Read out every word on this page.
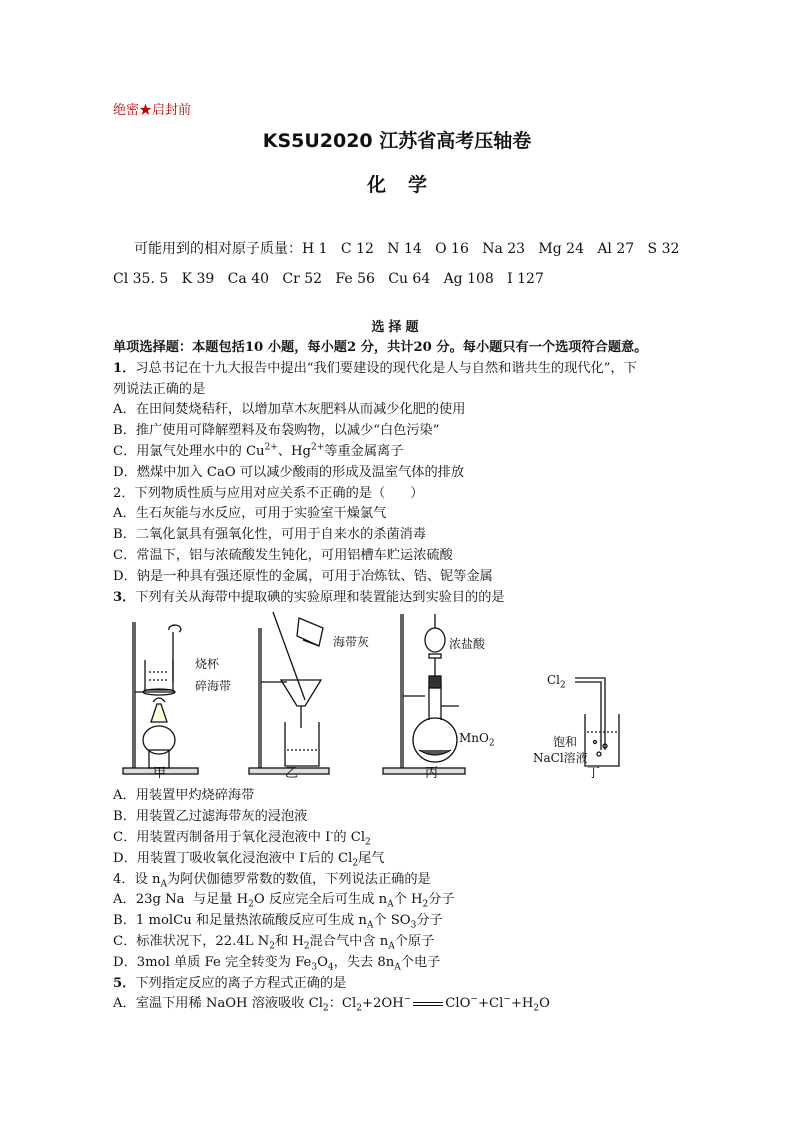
绝密★启封前
KS5U2020 江苏省高考压轴卷
化学
可能用到的相对原子质量：H 1   C 12   N 14   O 16   Na 23   Mg 24   Al 27   S 32
Cl 35. 5   K 39   Ca 40   Cr 52   Fe 56   Cu 64   Ag 108   I 127
选择题

单项选择题：本题包括10 小题，每小题2 分，共计20 分。每小题只有一个选项符合题意。

1．习总书记在十九大报告中提出“我们要建设的现代化是人与自然和谐共生的现代化”，下

列说法正确的是

A．在田间焚烧秸秆，以增加草木灰肥料从而减少化肥的使用

B．推广使用可降解塑料及布袋购物，以减少“白色污染”

C．用氯气处理水中的 $Cu^{2+}$、$Hg^{2+}$等重金属离子

D．燃煤中加入 CaO 可以减少酸雨的形成及温室气体的排放

2．下列物质性质与应用对应关系不正确的是（      ）

A．生石灰能与水反应，可用于实验室干燥氯气

B．二氧化氯具有强氧化性，可用于自来水的杀菌消毒

C．常温下，铝与浓硫酸发生钝化，可用铝槽车贮运浓硫酸

D．钠是一种具有强还原性的金属，可用于冶炼钛、锆、铌等金属

3．下列有关从海带中提取碘的实验原理和装置能达到实验目的的是

烧杯
碎海带
海带灰	浓盐酸
MnO$_2$
$Cl_2$
饱和
NaCl溶液
甲	乙	丙	丁

A．用装置甲灼烧碎海带

B．用装置乙过滤海带灰的浸泡液

C．用装置丙制备用于氧化浸泡液中 I-的 $Cl_2$

D．用装置丁吸收氧化浸泡液中 I-后的 $Cl_2$尾气

4．设 $n_A$为阿伏伽德罗常数的数值，下列说法正确的是

A．23g Na  与足量 $H_2O$ 反应完全后可生成 $n_A$个 $H_2$分子

B．1 molCu 和足量热浓硫酸反应可生成 $n_A$个 $SO_3$分子

C．标准状况下，22.4L $N_2$和 $H_2$混合气中含 $n_A$个原子

D．3mol 单质 Fe 完全转变为 $Fe_3O_4$，失去 $8n_A$个电子

5．下列指定反应的离子方程式正确的是

A．室温下用稀 NaOH 溶液吸收 $Cl_2$：$Cl_2+2OH^-$	$ClO^-+Cl^-+H_2O$
